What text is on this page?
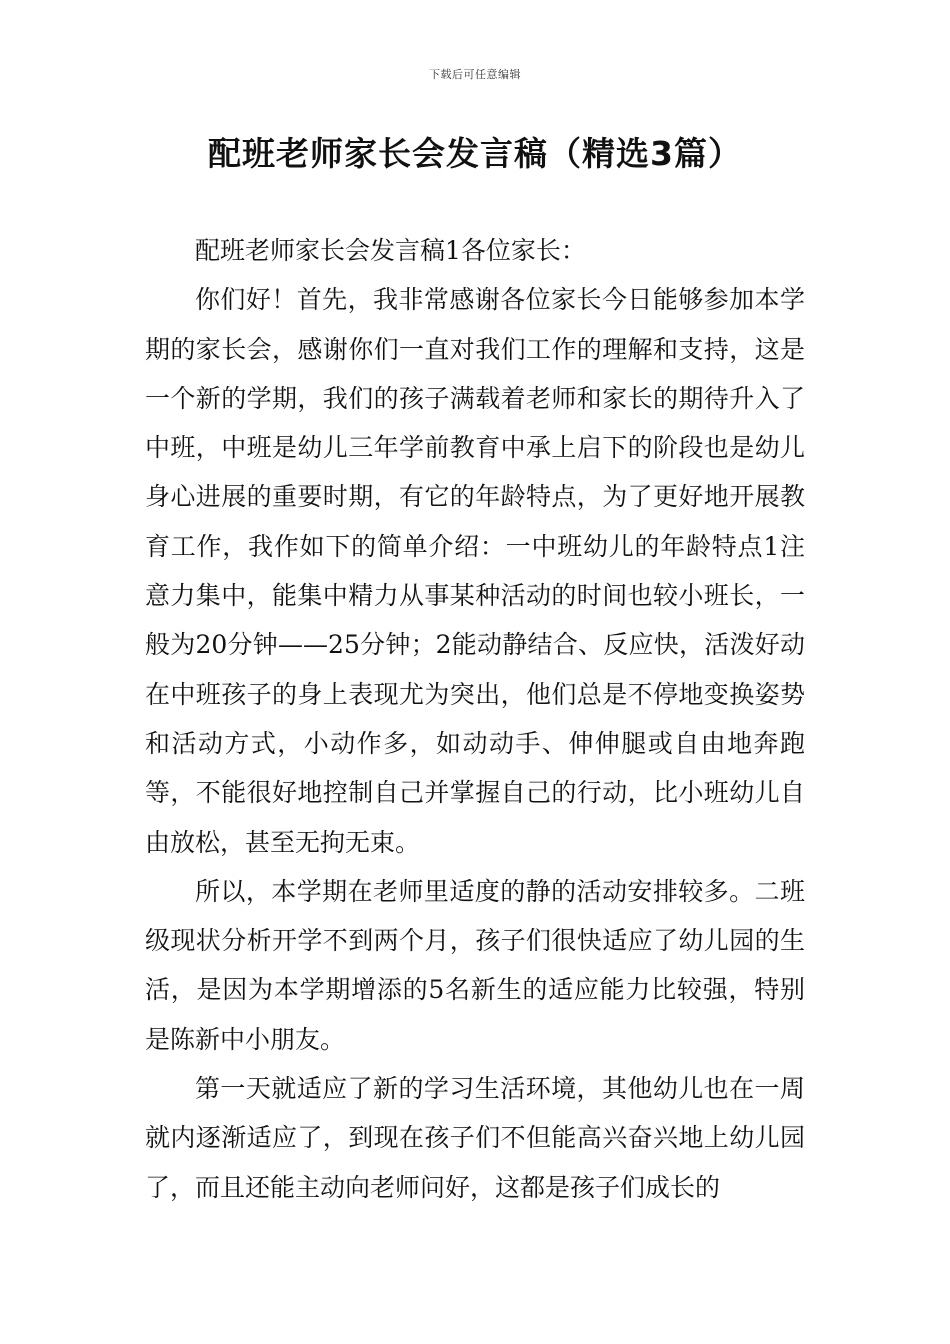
下载后可任意编辑
配班老师家长会发言稿（精选3篇）

配班老师家长会发言稿1各位家长：

你们好！首先，我非常感谢各位家长今日能够参加本学期的家长会，感谢你们一直对我们工作的理解和支持，这是一个新的学期，我们的孩子满载着老师和家长的期待升入了中班，中班是幼儿三年学前教育中承上启下的阶段也是幼儿身心进展的重要时期，有它的年龄特点，为了更好地开展教育工作，我作如下的简单介绍：一中班幼儿的年龄特点1注意力集中，能集中精力从事某种活动的时间也较小班长，一般为20分钟——25分钟；2能动静结合、反应快，活泼好动在中班孩子的身上表现尤为突出，他们总是不停地变换姿势和活动方式，小动作多，如动动手、伸伸腿或自由地奔跑等，不能很好地控制自己并掌握自己的行动，比小班幼儿自由放松，甚至无拘无束。

所以，本学期在老师里适度的静的活动安排较多。二班级现状分析开学不到两个月，孩子们很快适应了幼儿园的生活，是因为本学期增添的5名新生的适应能力比较强，特别是陈新中小朋友。

第一天就适应了新的学习生活环境，其他幼儿也在一周就内逐渐适应了，到现在孩子们不但能高兴奋兴地上幼儿园了，而且还能主动向老师问好，这都是孩子们成长的
